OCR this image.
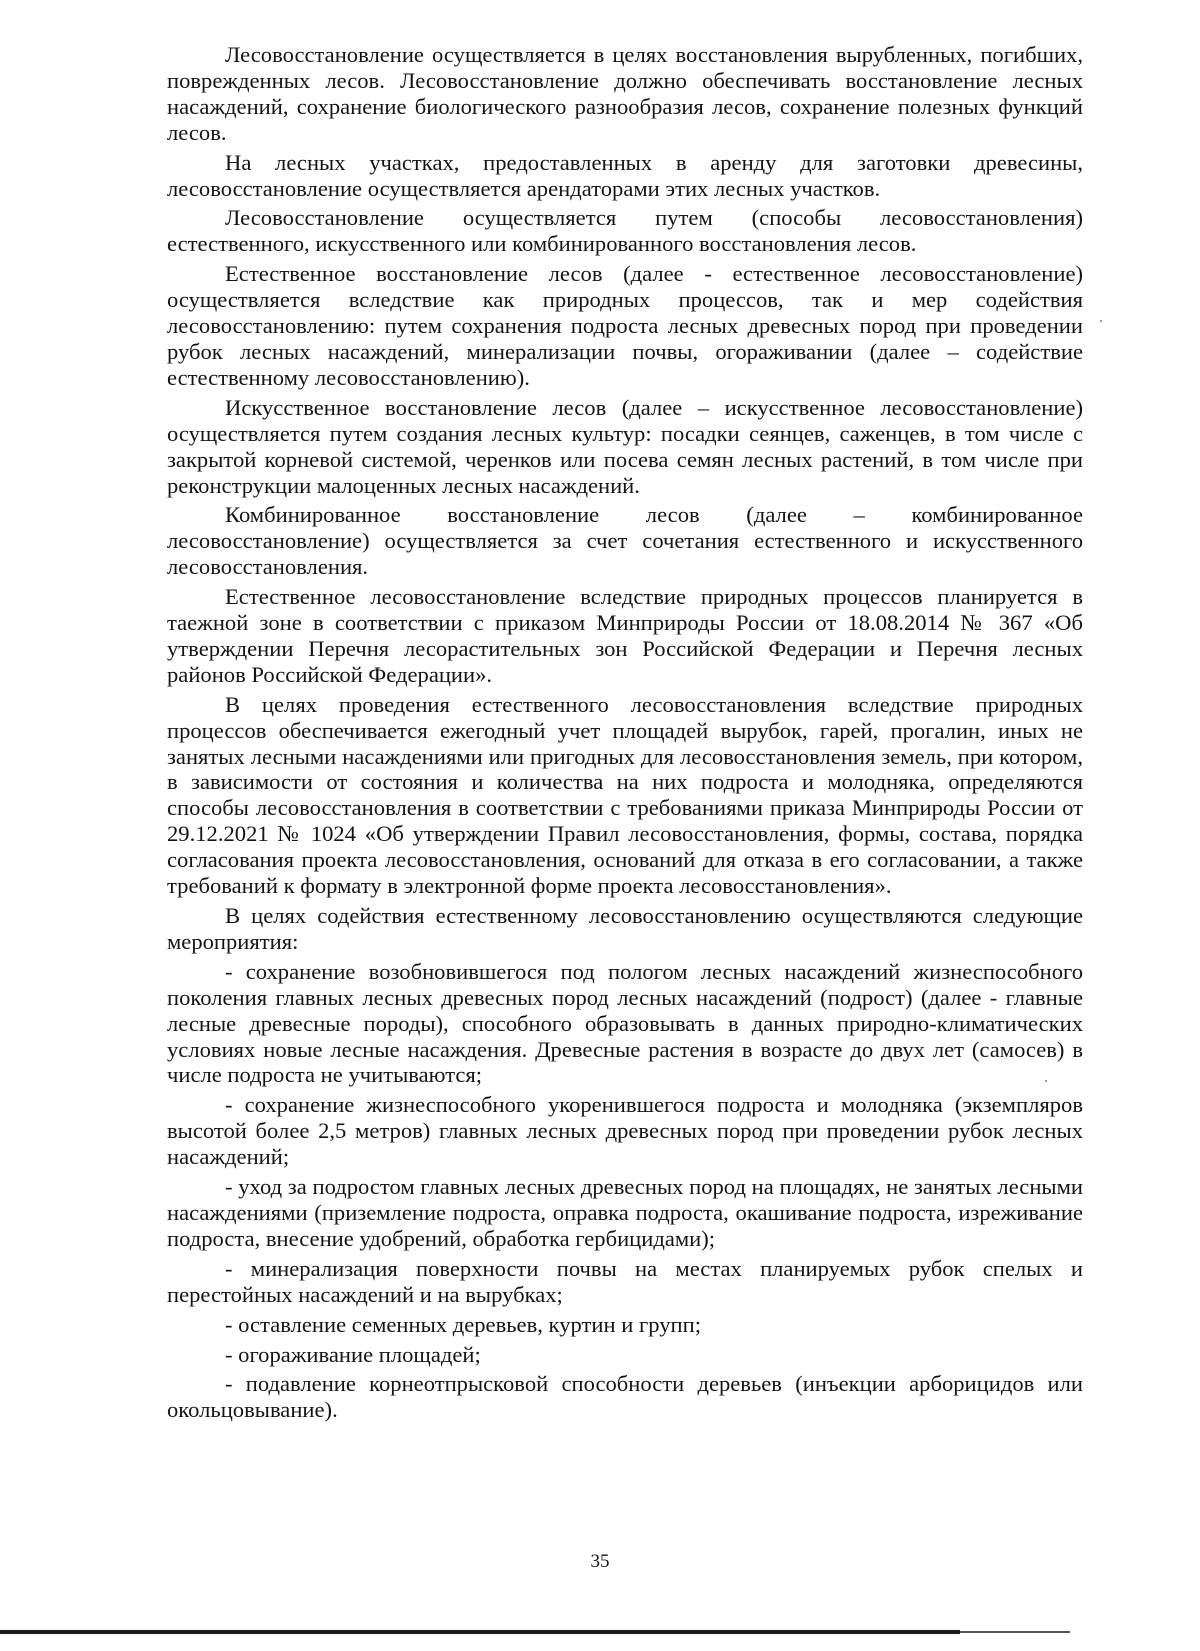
Лесовосстановление осуществляется в целях восстановления вырубленных, погибших, поврежденных лесов. Лесовосстановление должно обеспечивать восстановление лесных насаждений, сохранение биологического разнообразия лесов, сохранение полезных функций лесов.

На лесных участках, предоставленных в аренду для заготовки древесины, лесовосстановление осуществляется арендаторами этих лесных участков.

Лесовосстановление осуществляется путем (способы лесовосстановления) естественного, искусственного или комбинированного восстановления лесов.

Естественное восстановление лесов (далее - естественное лесовосстановление) осуществляется вследствие как природных процессов, так и мер содействия лесовосстановлению: путем сохранения подроста лесных древесных пород при проведении рубок лесных насаждений, минерализации почвы, огораживании (далее – содействие естественному лесовосстановлению).

Искусственное восстановление лесов (далее – искусственное лесовосстановление) осуществляется путем создания лесных культур: посадки сеянцев, саженцев, в том числе с закрытой корневой системой, черенков или посева семян лесных растений, в том числе при реконструкции малоценных лесных насаждений.

Комбинированное восстановление лесов (далее – комбинированное лесовосстановление) осуществляется за счет сочетания естественного и искусственного лесовосстановления.

Естественное лесовосстановление вследствие природных процессов планируется в таежной зоне в соответствии с приказом Минприроды России от 18.08.2014 № 367 «Об утверждении Перечня лесорастительных зон Российской Федерации и Перечня лесных районов Российской Федерации».

В целях проведения естественного лесовосстановления вследствие природных процессов обеспечивается ежегодный учет площадей вырубок, гарей, прогалин, иных не занятых лесными насаждениями или пригодных для лесовосстановления земель, при котором, в зависимости от состояния и количества на них подроста и молодняка, определяются способы лесовосстановления в соответствии с требованиями приказа Минприроды России от 29.12.2021 № 1024 «Об утверждении Правил лесовосстановления, формы, состава, порядка согласования проекта лесовосстановления, оснований для отказа в его согласовании, а также требований к формату в электронной форме проекта лесовосстановления».

В целях содействия естественному лесовосстановлению осуществляются следующие мероприятия:

- сохранение возобновившегося под пологом лесных насаждений жизнеспособного поколения главных лесных древесных пород лесных насаждений (подрост) (далее - главные лесные древесные породы), способного образовывать в данных природно-климатических условиях новые лесные насаждения. Древесные растения в возрасте до двух лет (самосев) в числе подроста не учитываются;

- сохранение жизнеспособного укоренившегося подроста и молодняка (экземпляров высотой более 2,5 метров) главных лесных древесных пород при проведении рубок лесных насаждений;

- уход за подростом главных лесных древесных пород на площадях, не занятых лесными насаждениями (приземление подроста, оправка подроста, окашивание подроста, изреживание подроста, внесение удобрений, обработка гербицидами);

- минерализация поверхности почвы на местах планируемых рубок спелых и перестойных насаждений и на вырубках;

- оставление семенных деревьев, куртин и групп;

- огораживание площадей;

- подавление корнеотпрысковой способности деревьев (инъекции арборицидов или окольцовывание).

35
